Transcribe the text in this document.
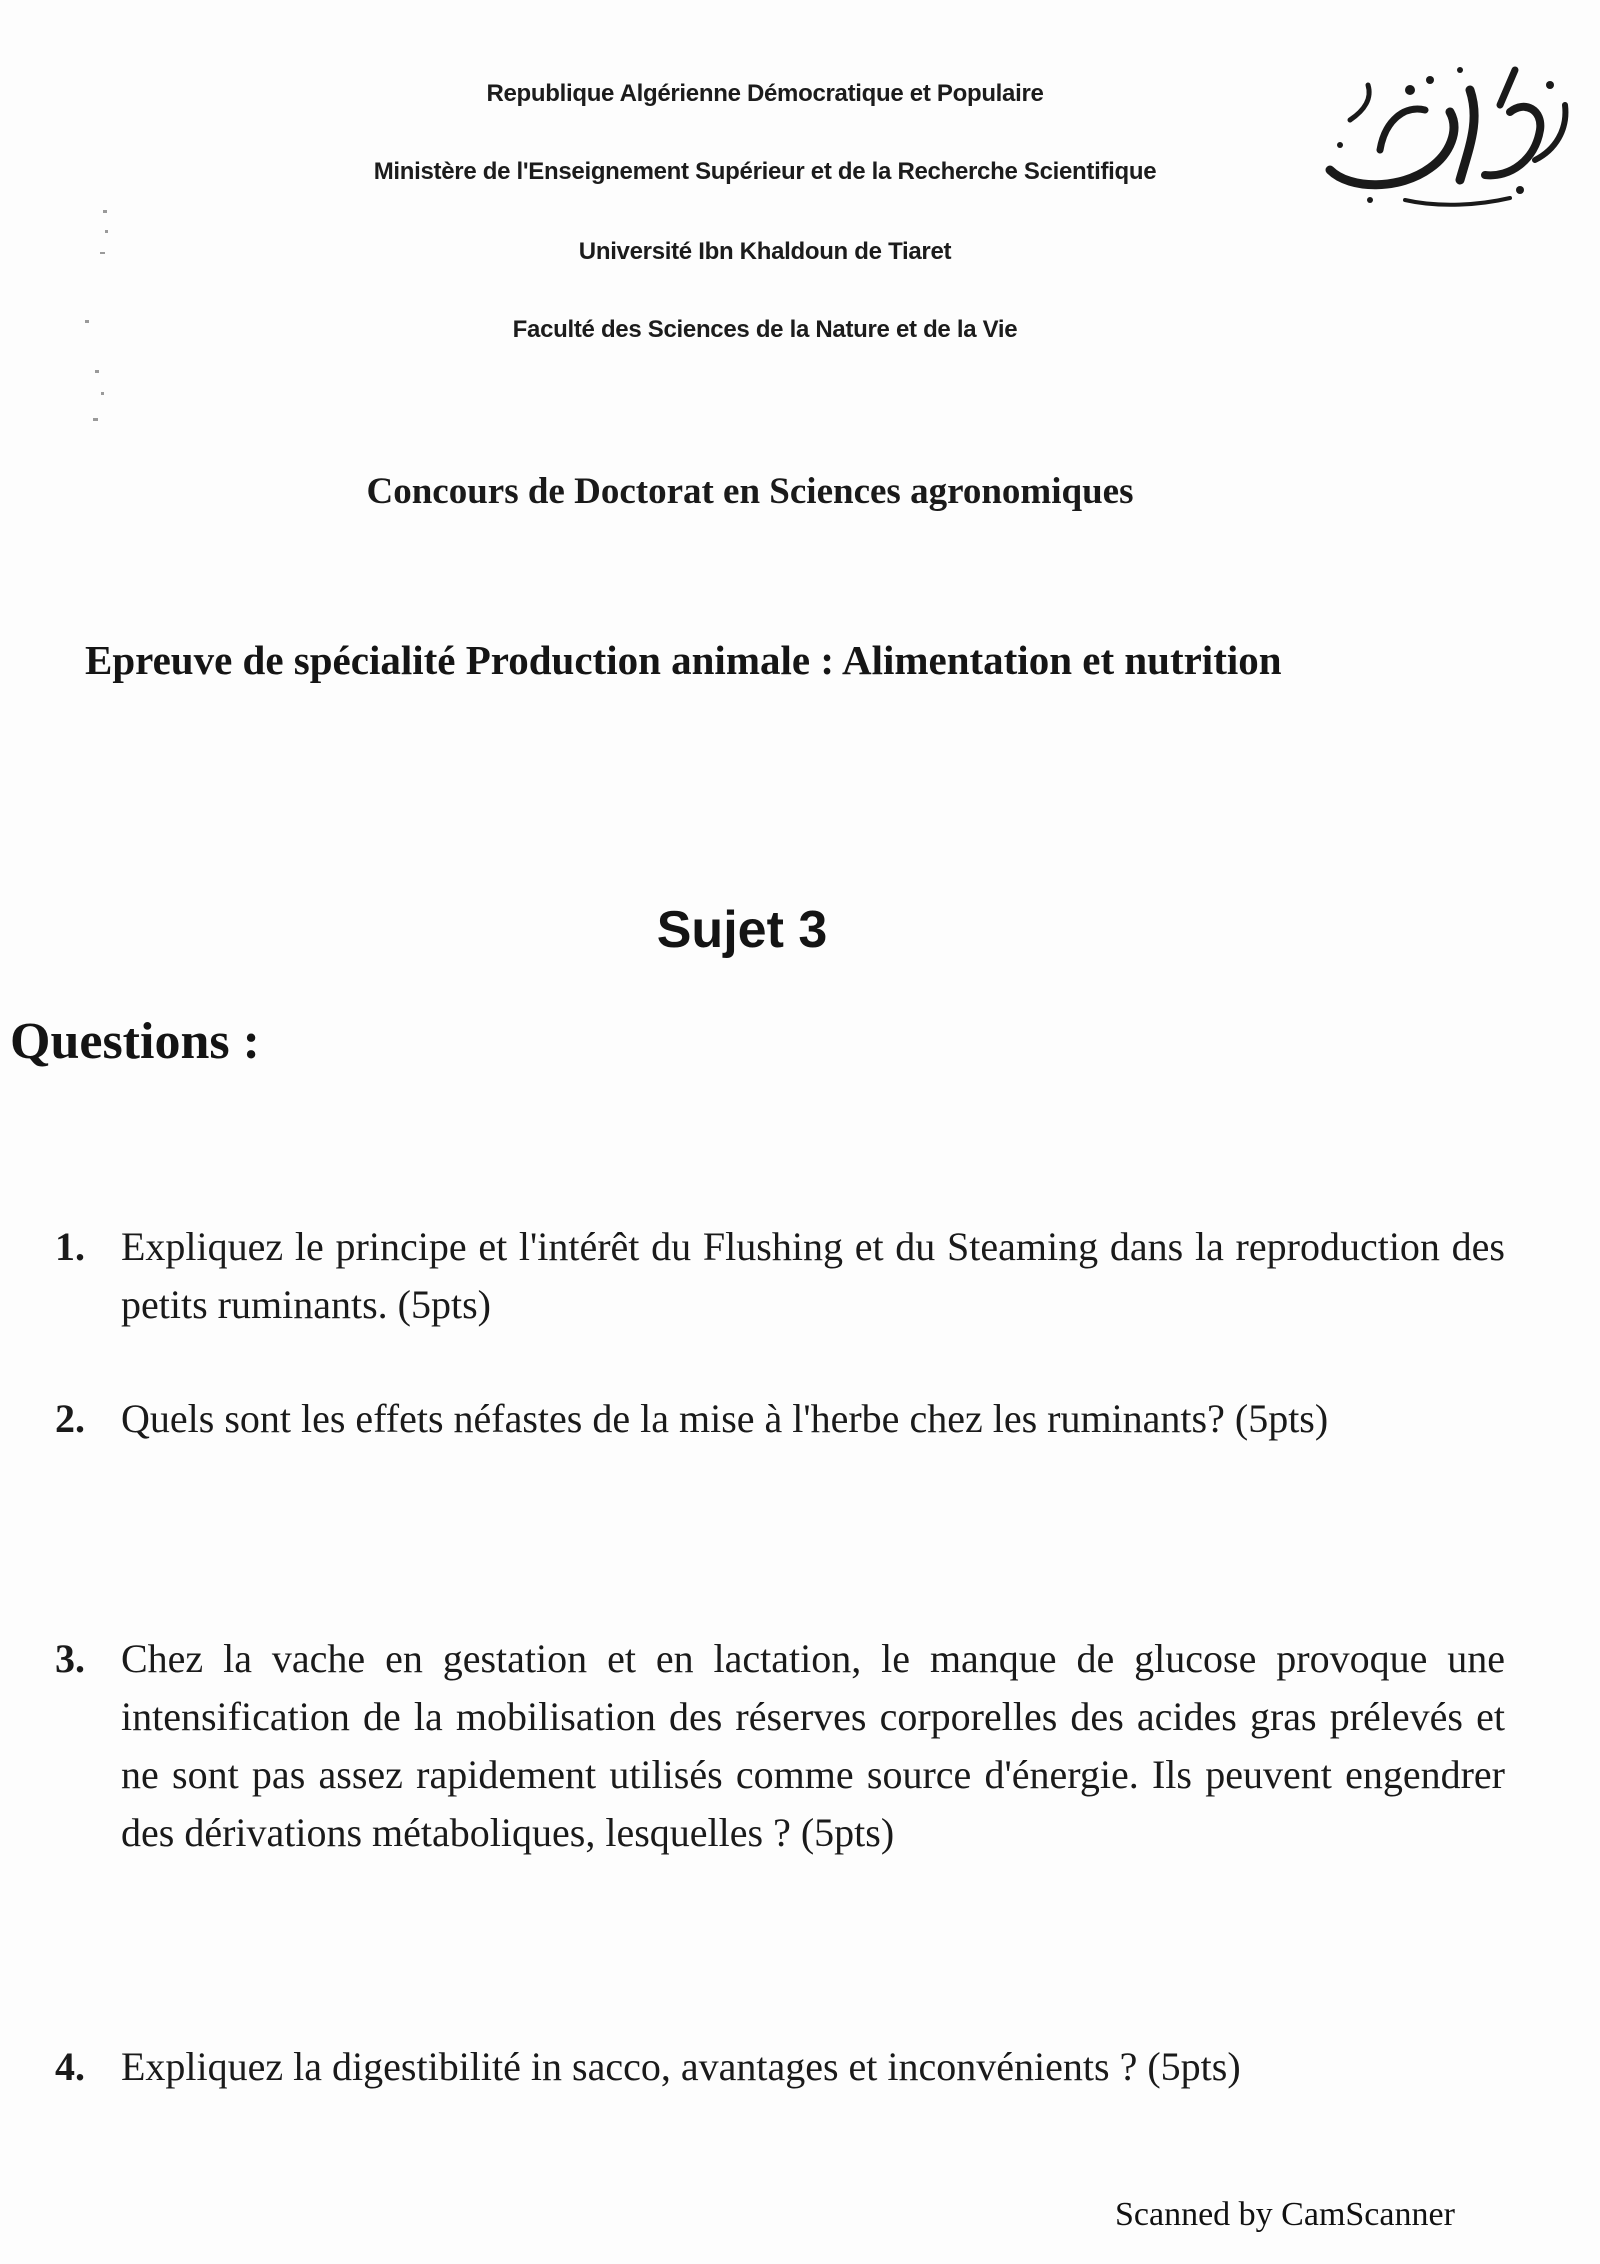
Republique Algérienne Démocratique et Populaire
Ministère de l'Enseignement Supérieur et de la Recherche Scientifique
Université Ibn Khaldoun de Tiaret
Faculté des Sciences de la Nature et de la Vie
Concours de Doctorat en Sciences agronomiques
Epreuve de spécialité Production animale : Alimentation et nutrition
Sujet 3
Questions :
1. Expliquez le principe et l'intérêt du Flushing et du Steaming dans la reproduction des petits ruminants. (5pts)
2. Quels sont les effets néfastes de la mise à l'herbe chez les ruminants? (5pts)
3. Chez la vache en gestation et en lactation, le manque de glucose provoque une intensification de la mobilisation des réserves corporelles des acides gras prélevés et ne sont pas assez rapidement utilisés comme source d'énergie. Ils peuvent engendrer des dérivations métaboliques, lesquelles ? (5pts)
4. Expliquez la digestibilité in sacco, avantages et inconvénients ? (5pts)
Scanned by CamScanner
